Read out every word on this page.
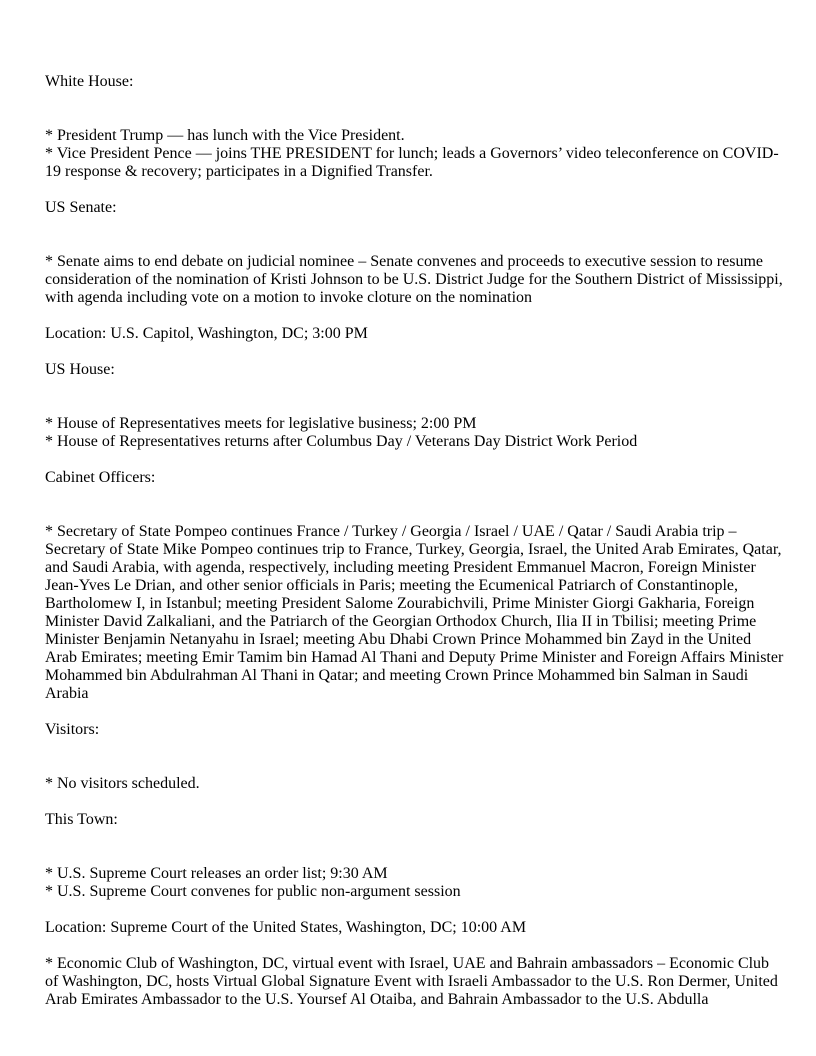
White House:

* President Trump — has lunch with the Vice President.

* Vice President Pence — joins THE PRESIDENT for lunch; leads a Governors’ video teleconference on COVID-19 response & recovery; participates in a Dignified Transfer.

US Senate:

* Senate aims to end debate on judicial nominee – Senate convenes and proceeds to executive session to resume consideration of the nomination of Kristi Johnson to be U.S. District Judge for the Southern District of Mississippi, with agenda including vote on a motion to invoke cloture on the nomination

Location: U.S. Capitol, Washington, DC; 3:00 PM

US House:

* House of Representatives meets for legislative business; 2:00 PM

* House of Representatives returns after Columbus Day / Veterans Day District Work Period

Cabinet Officers:

* Secretary of State Pompeo continues France / Turkey / Georgia / Israel / UAE / Qatar / Saudi Arabia trip – Secretary of State Mike Pompeo continues trip to France, Turkey, Georgia, Israel, the United Arab Emirates, Qatar, and Saudi Arabia, with agenda, respectively, including meeting President Emmanuel Macron, Foreign Minister Jean-Yves Le Drian, and other senior officials in Paris; meeting the Ecumenical Patriarch of Constantinople, Bartholomew I, in Istanbul; meeting President Salome Zourabichvili, Prime Minister Giorgi Gakharia, Foreign Minister David Zalkaliani, and the Patriarch of the Georgian Orthodox Church, Ilia II in Tbilisi; meeting Prime Minister Benjamin Netanyahu in Israel; meeting Abu Dhabi Crown Prince Mohammed bin Zayd in the United Arab Emirates; meeting Emir Tamim bin Hamad Al Thani and Deputy Prime Minister and Foreign Affairs Minister Mohammed bin Abdulrahman Al Thani in Qatar; and meeting Crown Prince Mohammed bin Salman in Saudi Arabia

Visitors:

* No visitors scheduled.

This Town:

* U.S. Supreme Court releases an order list; 9:30 AM

* U.S. Supreme Court convenes for public non-argument session

Location: Supreme Court of the United States, Washington, DC; 10:00 AM

* Economic Club of Washington, DC, virtual event with Israel, UAE and Bahrain ambassadors – Economic Club of Washington, DC, hosts Virtual Global Signature Event with Israeli Ambassador to the U.S. Ron Dermer, United Arab Emirates Ambassador to the U.S. Yoursef Al Otaiba, and Bahrain Ambassador to the U.S. Abdulla
